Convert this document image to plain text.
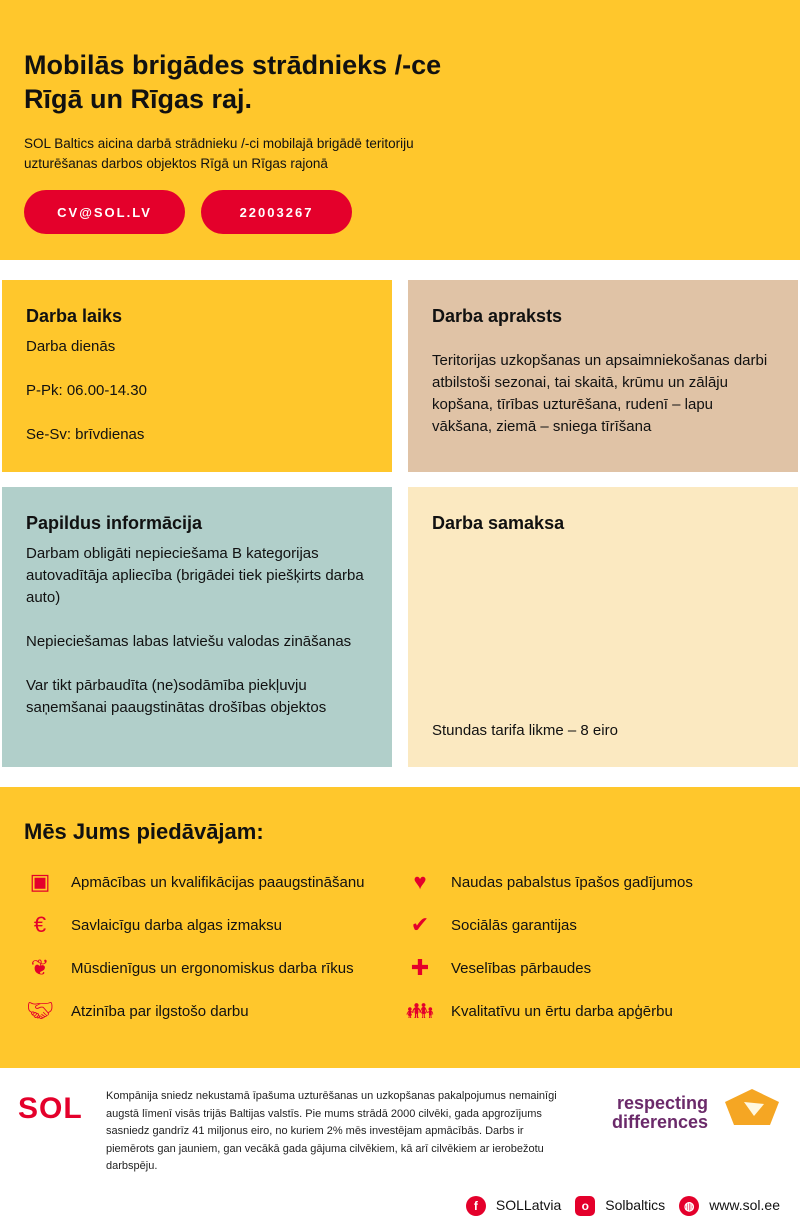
Mobilās brigādes strādnieks /-ce Rīgā un Rīgas raj.

SOL Baltics aicina darbā strādnieku /-ci mobilajā brigādē teritoriju uzturēšanas darbos objektos Rīgā un Rīgas rajonā

CV@SOL.LV	22003267
Darba laiks

Darba dienās

P-Pk: 06.00-14.30

Se-Sv: brīvdienas

Darba apraksts

Teritorijas uzkopšanas un apsaimniekošanas darbi atbilstoši sezonai, tai skaitā, krūmu un zālāju kopšana, tīrības uzturēšana, rudenī – lapu vākšana, ziemā – sniega tīrīšana

Papildus informācija

Darbam obligāti nepieciešama B kategorijas autovadītāja apliecība (brigādei tiek piešķirts darba auto)

Nepieciešamas labas latviešu valodas zināšanas

Var tikt pārbaudīta (ne)sodāmība piekļuvju saņemšanai paaugstinātas drošības objektos

Darba samaksa

Stundas tarifa likme – 8 eiro

Mēs Jums piedāvājam:
▣	Apmācības un kvalifikācijas paaugstināšanu
€	Savlaicīgu darba algas izmaksu
❦	Mūsdienīgus un ergonomiskus darba rīkus
🤝︎ Atzinība par ilgstošo darbu
♥	Naudas pabalstus īpašos gadījumos
✔	Sociālās garantijas
✚	Veselības pārbaudes
👪︎ Kvalitatīvu un ērtu darba apģērbu
SOL Kompānija sniedz nekustamā īpašuma uzturēšanas un uzkopšanas pakalpojumus nemainīgi augstā līmenī visās trijās Baltijas valstīs. Pie mums strādā 2000 cilvēki, gada apgrozījums sasniedz gandrīz 41 miljonus eiro, no kuriem 2% mēs investējam apmācībās. Darbs ir piemērots gan jauniem, gan vecākā gada gājuma cilvēkiem, kā arī cilvēkiem ar ierobežotu darbspēju.

respecting
differences
f SOLLatvia	o Solbaltics	◍ www.sol.ee
